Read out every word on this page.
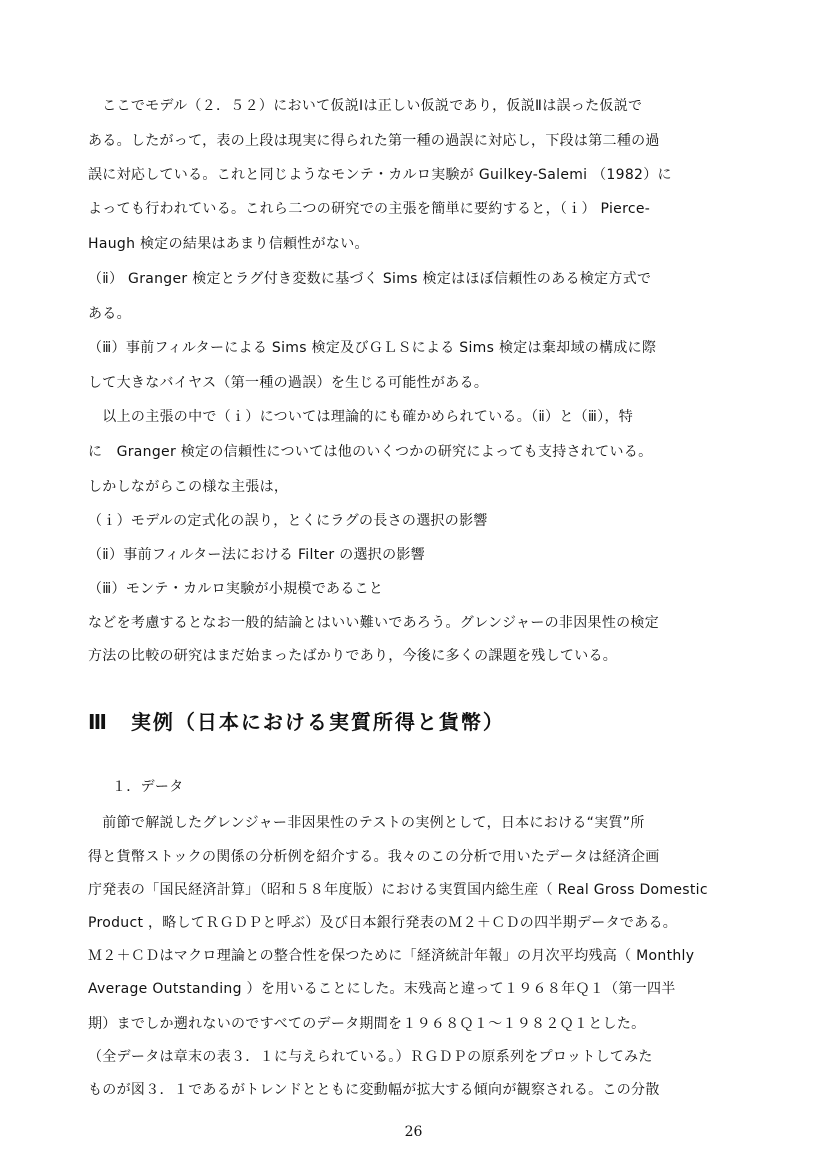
　ここでモデル（２．５２）において仮説Ⅰは正しい仮説であり，仮説Ⅱは誤った仮説で
ある。したがって，表の上段は現実に得られた第一種の過誤に対応し，下段は第二種の過
誤に対応している。これと同じようなモンテ・カルロ実験が Guilkey-Salemi （1982）に
よっても行われている。これら二つの研究での主張を簡単に要約すると，（ｉ） Pierce-
Haugh 検定の結果はあまり信頼性がない。
（ⅱ） Granger 検定とラグ付き変数に基づく Sims 検定はほぼ信頼性のある検定方式で
ある。
（ⅲ）事前フィルターによる Sims 検定及びＧＬＳによる Sims 検定は棄却域の構成に際
して大きなバイヤス（第一種の過誤）を生じる可能性がある。
　以上の主張の中で（ｉ）については理論的にも確かめられている。（ⅱ）と（ⅲ），特
に　Granger 検定の信頼性については他のいくつかの研究によっても支持されている。
しかしながらこの様な主張は，
（ｉ）モデルの定式化の誤り，とくにラグの長さの選択の影響
（ⅱ）事前フィルター法における Filter の選択の影響
（ⅲ）モンテ・カルロ実験が小規模であること
などを考慮するとなお一般的結論とはいい難いであろう。グレンジャーの非因果性の検定
方法の比較の研究はまだ始まったばかりであり，今後に多くの課題を残している。
Ⅲ　実例（日本における実質所得と貨幣）
１．データ
　前節で解説したグレンジャー非因果性のテストの実例として，日本における“実質”所
得と貨幣ストックの関係の分析例を紹介する。我々のこの分析で用いたデータは経済企画
庁発表の「国民経済計算」（昭和５８年度版）における実質国内総生産（ Real Gross Domestic
Product ，略してＲＧＤＰと呼ぶ）及び日本銀行発表のＭ２＋ＣＤの四半期データである。
Ｍ２＋ＣＤはマクロ理論との整合性を保つために「経済統計年報」の月次平均残高（ Monthly
Average Outstanding ）を用いることにした。末残高と違って１９６８年Ｑ１（第一四半
期）までしか遡れないのですべてのデータ期間を１９６８Ｑ１～１９８２Ｑ１とした。
（全データは章末の表３．１に与えられている。）ＲＧＤＰの原系列をプロットしてみた
ものが図３．１であるがトレンドとともに変動幅が拡大する傾向が観察される。この分散
26
